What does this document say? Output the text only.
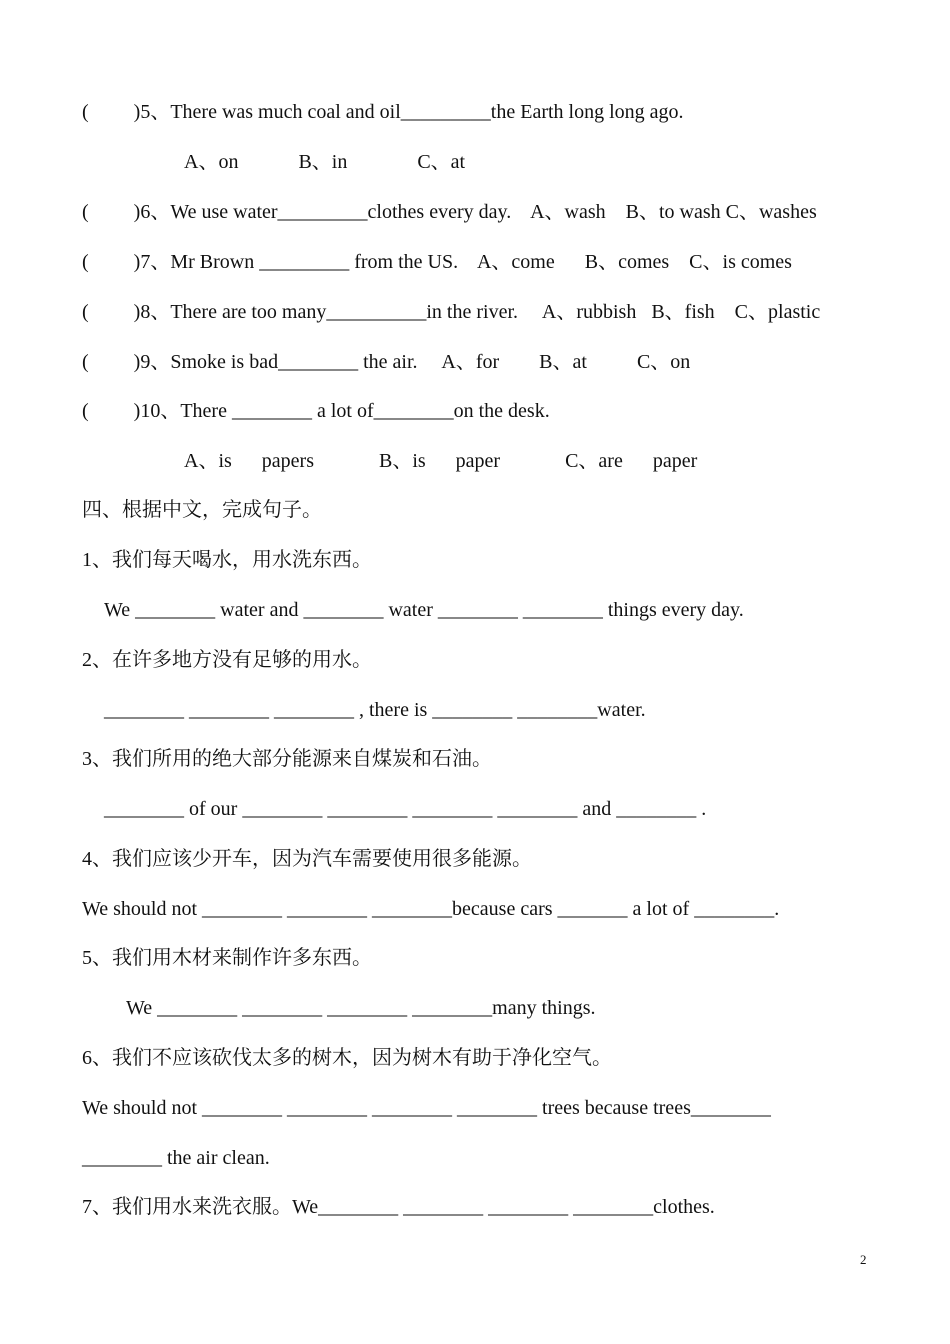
(         )5、There was much coal and oil_________the Earth long long ago.
A、on            B、in              C、at
(         )6、We use water_________clothes every day.    A、wash    B、to wash C、washes
(         )7、Mr Brown _________ from the US.    A、come      B、comes    C、is comes
(         )8、There are too many__________in the river.     A、rubbish   B、fish    C、plastic
(         )9、Smoke is bad________ the air.     A、for        B、at          C、on
(         )10、There ________ a lot of________on the desk.
A、is      papers             B、is      paper             C、are      paper
四、根据中文，完成句子。
1、我们每天喝水，用水洗东西。
We ________ water and ________ water ________ ________ things every day.
2、在许多地方没有足够的用水。
________ ________ ________ , there is ________ ________water.
3、我们所用的绝大部分能源来自煤炭和石油。
________ of our ________ ________ ________ ________ and ________ .
4、我们应该少开车，因为汽车需要使用很多能源。
We should not ________ ________ ________because cars _______ a lot of ________.
5、我们用木材来制作许多东西。
We ________ ________ ________ ________many things.
6、我们不应该砍伐太多的树木，因为树木有助于净化空气。
We should not ________ ________ ________ ________ trees because trees________
________ the air clean.
7、我们用水来洗衣服。We________ ________ ________ ________clothes.
2
